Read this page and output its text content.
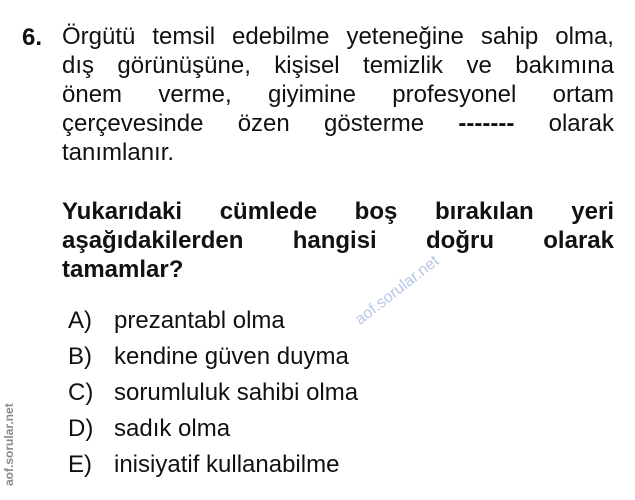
6. Örgütü temsil edebilme yeteneğine sahip olma,
dış görünüşüne, kişisel temizlik ve bakımına
önem verme, giyimine profesyonel ortam
çerçevesinde özen gösterme ------- olarak
tanımlanır.
Yukarıdaki cümlede boş bırakılan yeri
aşağıdakilerden hangisi doğru olarak
tamamlar?
A) prezantabl olma
B) kendine güven duyma
C) sorumluluk sahibi olma
D) sadık olma
E) inisiyatif kullanabilme
aof.sorular.net
aof.sorular.net
